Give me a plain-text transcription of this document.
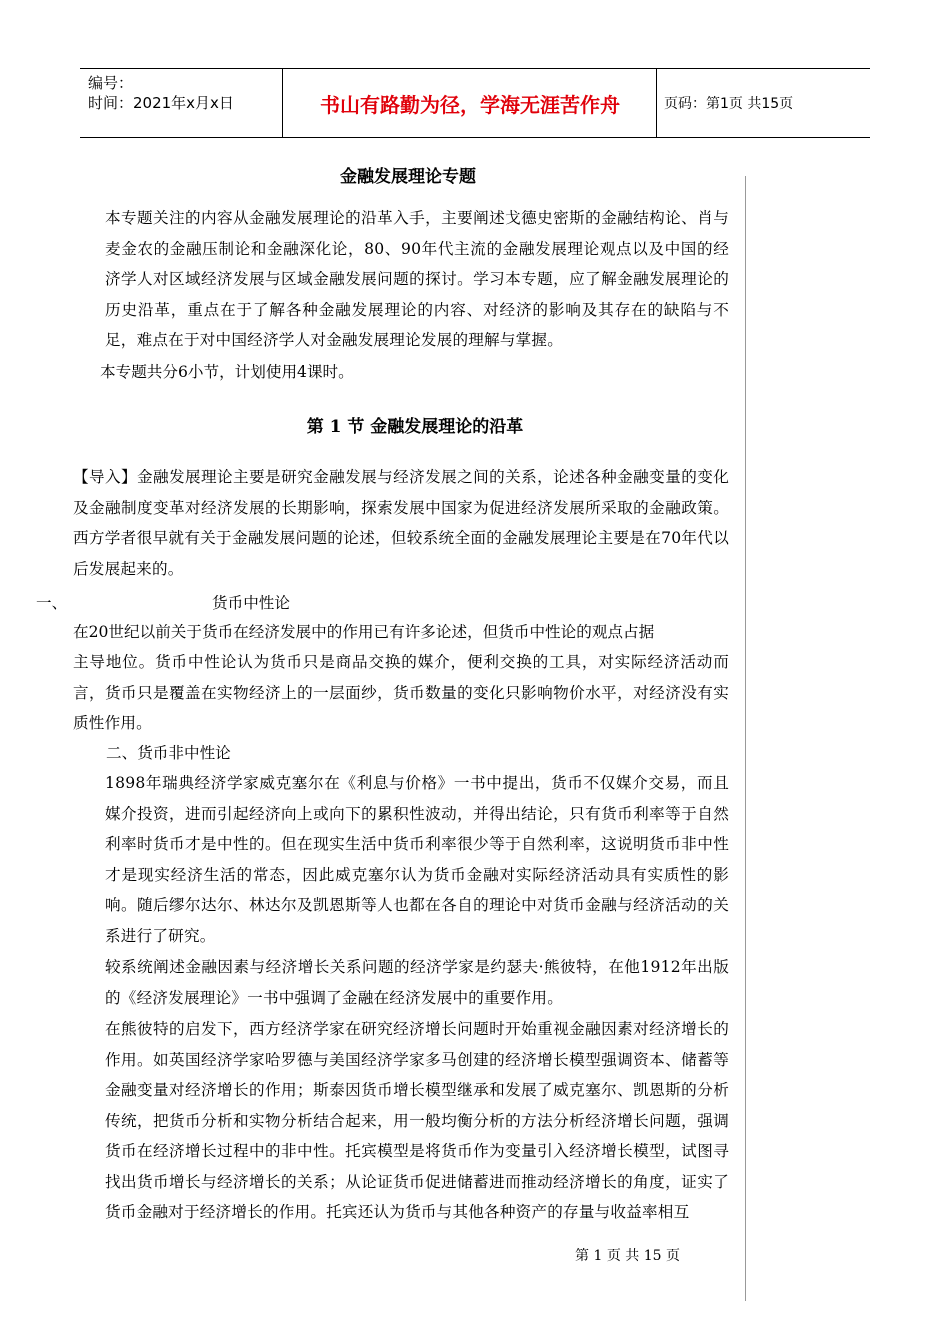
编号：
时间：2021年x月x日	书山有路勤为径，学海无涯苦作舟	页码：第1页 共15页
金融发展理论专题
本专题关注的内容从金融发展理论的沿革入手，主要阐述戈德史密斯的金融结构论、肖与麦金农的金融压制论和金融深化论，80、90年代主流的金融发展理论观点以及中国的经济学人对区域经济发展与区域金融发展问题的探讨。学习本专题，应了解金融发展理论的历史沿革，重点在于了解各种金融发展理论的内容、对经济的影响及其存在的缺陷与不足，难点在于对中国经济学人对金融发展理论发展的理解与掌握。
本专题共分6小节，计划使用4课时。
第 1 节 金融发展理论的沿革
【导入】金融发展理论主要是研究金融发展与经济发展之间的关系，论述各种金融变量的变化及金融制度变革对经济发展的长期影响，探索发展中国家为促进经济发展所采取的金融政策。西方学者很早就有关于金融发展问题的论述，但较系统全面的金融发展理论主要是在70年代以后发展起来的。
一、	货币中性论
在20世纪以前关于货币在经济发展中的作用已有许多论述，但货币中性论的观点占据
主导地位。货币中性论认为货币只是商品交换的媒介，便利交换的工具，对实际经济活动而言，货币只是覆盖在实物经济上的一层面纱，货币数量的变化只影响物价水平，对经济没有实质性作用。
二、货币非中性论
1898年瑞典经济学家威克塞尔在《利息与价格》一书中提出，货币不仅媒介交易，而且媒介投资，进而引起经济向上或向下的累积性波动，并得出结论，只有货币利率等于自然利率时货币才是中性的。但在现实生活中货币利率很少等于自然利率，这说明货币非中性才是现实经济生活的常态，因此威克塞尔认为货币金融对实际经济活动具有实质性的影响。随后缪尔达尔、林达尔及凯恩斯等人也都在各自的理论中对货币金融与经济活动的关系进行了研究。
较系统阐述金融因素与经济增长关系问题的经济学家是约瑟夫·熊彼特，在他1912年出版的《经济发展理论》一书中强调了金融在经济发展中的重要作用。
在熊彼特的启发下，西方经济学家在研究经济增长问题时开始重视金融因素对经济增长的作用。如英国经济学家哈罗德与美国经济学家多马创建的经济增长模型强调资本、储蓄等金融变量对经济增长的作用；斯泰因货币增长模型继承和发展了威克塞尔、凯恩斯的分析传统，把货币分析和实物分析结合起来，用一般均衡分析的方法分析经济增长问题，强调货币在经济增长过程中的非中性。托宾模型是将货币作为变量引入经济增长模型，试图寻找出货币增长与经济增长的关系；从论证货币促进储蓄进而推动经济增长的角度，证实了货币金融对于经济增长的作用。托宾还认为货币与其他各种资产的存量与收益率相互
第 1 页 共 15 页
